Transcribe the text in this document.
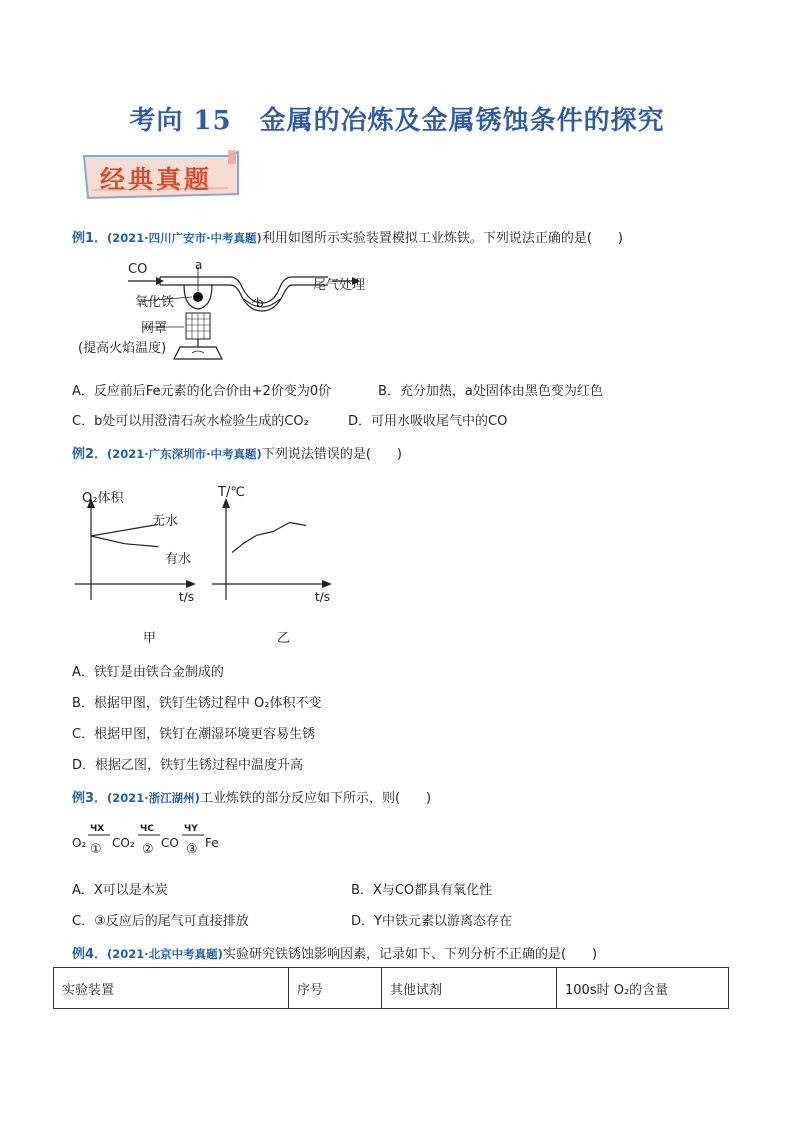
考向 15 金属的冶炼及金属锈蚀条件的探究
经典真题
例1．(2021·四川广安市·中考真题)利用如图所示实验装置模拟工业炼铁。下列说法正确的是(　　)
CO	a
b
尾气处理
氧化铁
网罩
(提高火焰温度)
A．反应前后Fe元素的化合价由+2价变为0价	B．充分加热，a处固体由黑色变为红色
C．b处可以用澄清石灰水检验生成的CO₂	D．可用水吸收尾气中的CO
例2．(2021·广东深圳市·中考真题)下列说法错误的是(　　)
O₂体积
无水
有水
t/s
甲
T/℃
t/s
乙
A．铁钉是由铁合金制成的
B．根据甲图，铁钉生锈过程中 O₂体积不变
C．根据甲图，铁钉在潮湿环境更容易生锈
D．根据乙图，铁钉生锈过程中温度升高
例3．(2021·浙江湖州)工业炼铁的部分反应如下所示，则(　　)
O₂
ЧX
① CO₂
ЧC
② CO
ЧY
③ Fe
A．X可以是木炭	B．X与CO都具有氧化性
C．③反应后的尾气可直接排放	D．Y中铁元素以游离态存在
例4．(2021·北京中考真题)实验研究铁锈蚀影响因素，记录如下、下列分析不正确的是(　　)
实验装置	序号	其他试剂	100s时 O₂的含量
